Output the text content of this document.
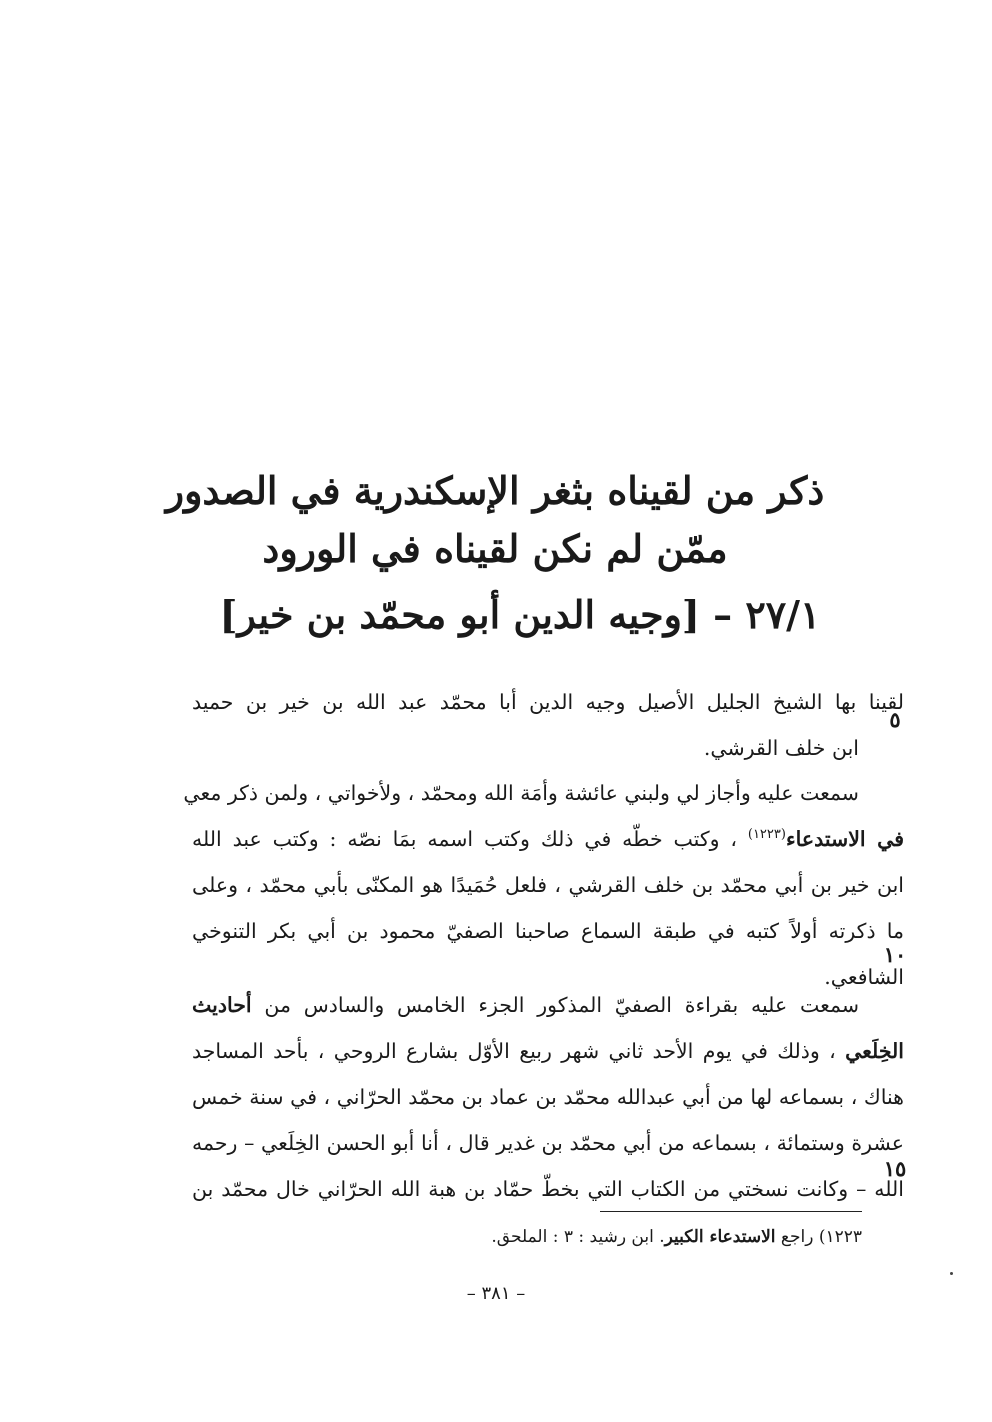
ذكر من لقيناه بثغر الإسكندرية في الصدور
ممّن لم نكن لقيناه في الورود
٢٧/١ – [وجيه الدين أبو محمّد بن خير]
لقينا بها الشيخ الجليل الأصيل وجيه الدين أبا محمّد عبد الله بن خير بن حميد
ابن خلف القرشي.
٥
سمعت عليه وأجاز لي ولبني عائشة وأمَة الله ومحمّد ، ولأخواتي ، ولمن ذكر معي
في الاستدعاء$^{(١٢٢٣)}$ ، وكتب خطّه في ذلك وكتب اسمه بمَا نصّه : وكتب عبد الله
ابن خير بن أبي محمّد بن خلف القرشي ، فلعل حُمَيدًا هو المكنّى بأبي محمّد ، وعلى
ما ذكرته أولاً كتبه في طبقة السماع صاحبنا الصفيّ محمود بن أبي بكر التنوخي
الشافعي.
١٠
سمعت عليه بقراءة الصفيّ المذكور الجزء الخامس والسادس من أحاديث
الخِلَعي ، وذلك في يوم الأحد ثاني شهر ربيع الأوّل بشارع الروحي ، بأحد المساجد
هناك ، بسماعه لها من أبي عبدالله محمّد بن عماد بن محمّد الحرّاني ، في سنة خمس
عشرة وستمائة ، بسماعه من أبي محمّد بن غدير قال ، أنا أبو الحسن الخِلَعي – رحمه
الله – وكانت نسختي من الكتاب التي بخطّ حمّاد بن هبة الله الحرّاني خال محمّد بن
١٥
١٢٢٣) راجع الاستدعاء الكبير. ابن رشيد : ٣ : الملحق.
– ٣٨١ –
